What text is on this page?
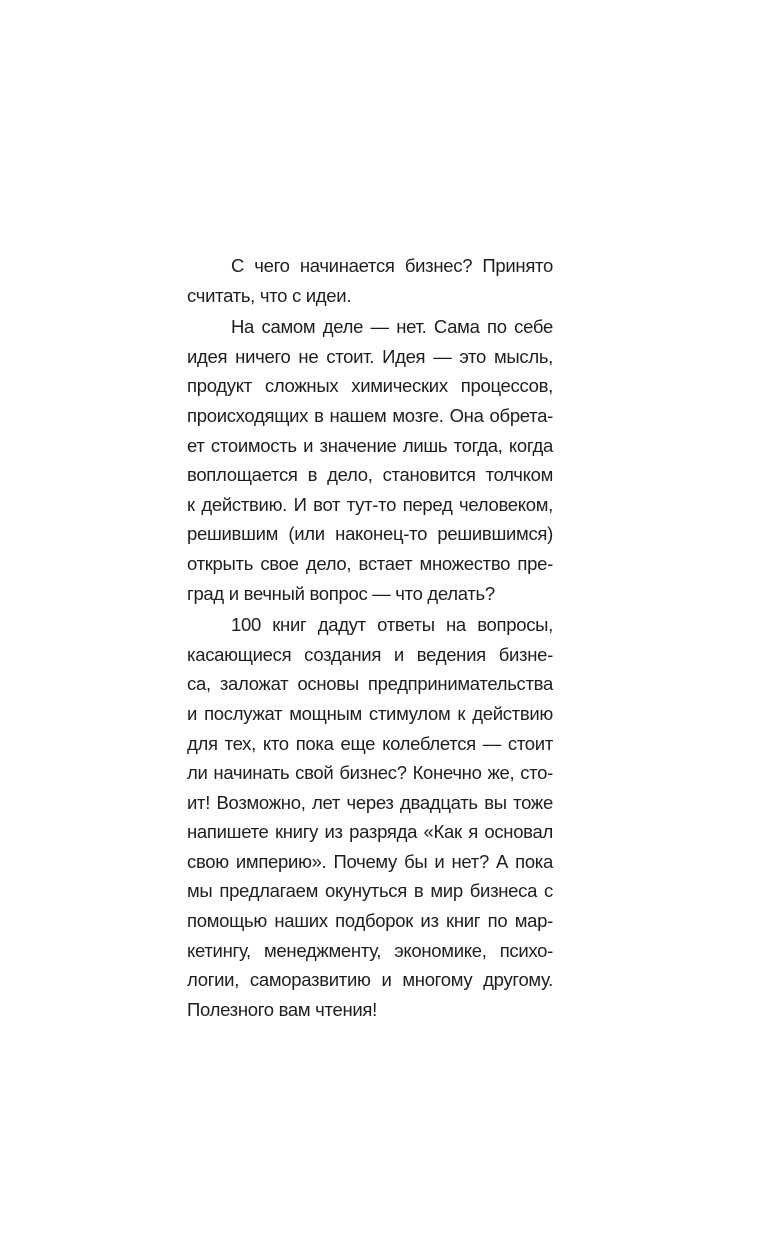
С чего начинается бизнес? Принято
считать, что с идеи.

На самом деле — нет. Сама по себе
идея ничего не стоит. Идея — это мысль,
продукт сложных химических процессов,
происходящих в нашем мозге. Она обрета-
ет стоимость и значение лишь тогда, когда
воплощается в дело, становится толчком
к действию. И вот тут-то перед человеком,
решившим (или наконец-то решившимся)
открыть свое дело, встает множество пре-
град и вечный вопрос — что делать?

100 книг дадут ответы на вопросы,
касающиеся создания и ведения бизне-
са, заложат основы предпринимательства
и послужат мощным стимулом к действию
для тех, кто пока еще колеблется — стоит
ли начинать свой бизнес? Конечно же, сто-
ит! Возможно, лет через двадцать вы тоже
напишете книгу из разряда «Как я основал
свою империю». Почему бы и нет? А пока
мы предлагаем окунуться в мир бизнеса с
помощью наших подборок из книг по мар-
кетингу, менеджменту, экономике, психо-
логии, саморазвитию и многому другому.
Полезного вам чтения!
